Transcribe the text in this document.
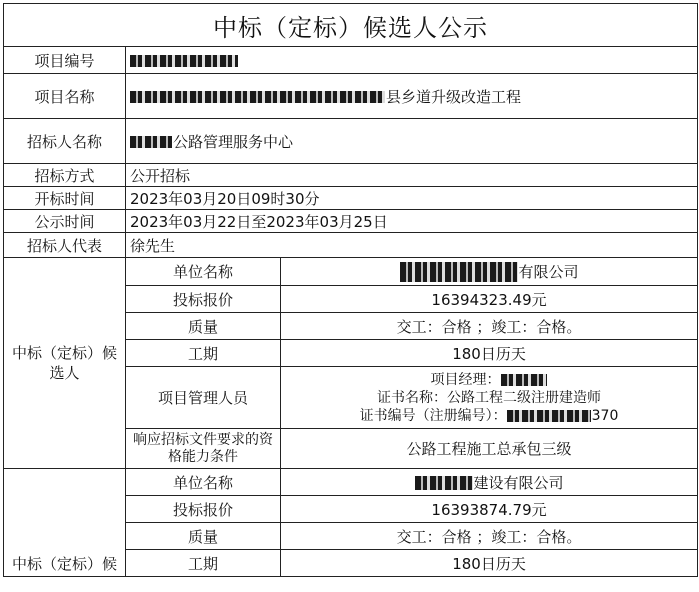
中标（定标）候选人公示		
项目编号		
项目名称	县乡道升级改造工程	
招标人名称	公路管理服务中心	
招标方式	公开招标	
开标时间	2023年03月20日09时30分	
公示时间	2023年03月22日至2023年03月25日	
招标人代表	徐先生	
中标（定标）候选人	单位名称	有限公司
	投标报价	16394323.49元
	质量	交工：合格 ；竣工：合格。
	工期	180日历天
	项目管理人员	项目经理：
证书名称：公路工程二级注册建造师
证书编号（注册编号）： 370

	响应招标文件要求的资格能力条件	公路工程施工总承包三级
中标（定标）候	单位名称	建设有限公司
	投标报价	16393874.79元
	质量	交工：合格 ；竣工：合格。
	工期	180日历天
